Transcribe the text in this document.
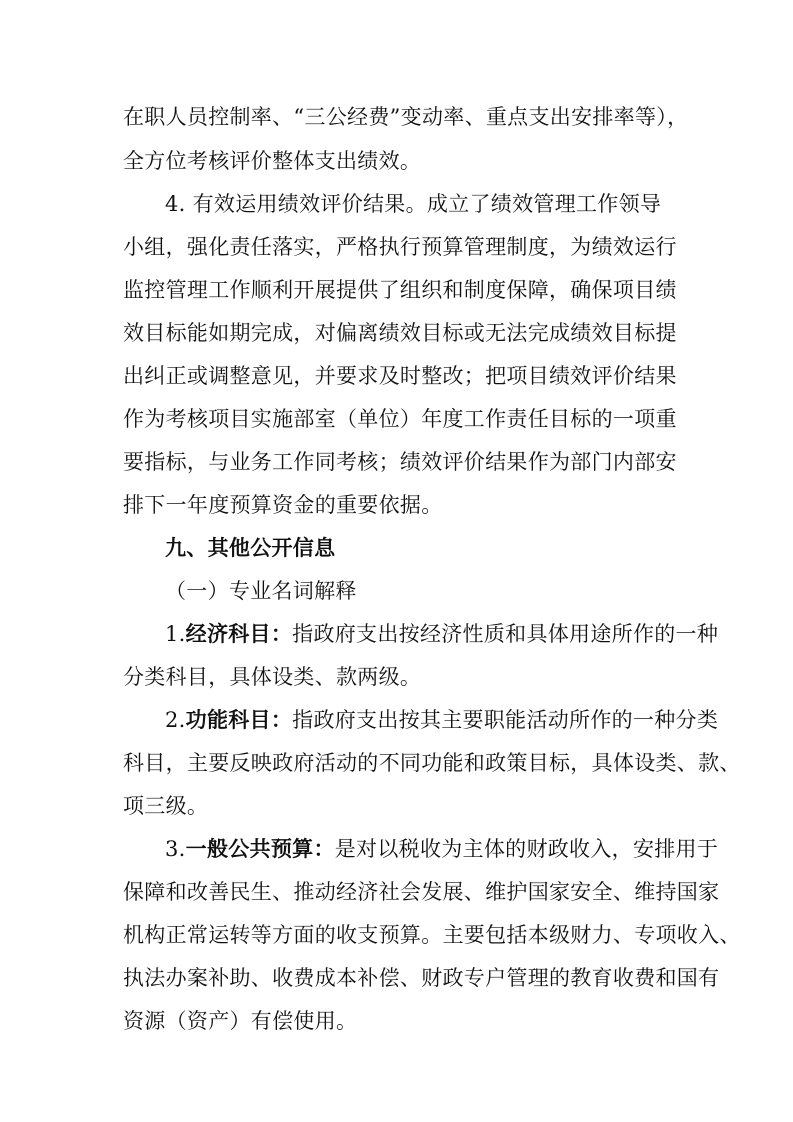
在职人员控制率、“三公经费”变动率、重点支出安排率等），
全方位考核评价整体支出绩效。
4. 有效运用绩效评价结果。成立了绩效管理工作领导
小组，强化责任落实，严格执行预算管理制度，为绩效运行
监控管理工作顺利开展提供了组织和制度保障，确保项目绩
效目标能如期完成，对偏离绩效目标或无法完成绩效目标提
出纠正或调整意见，并要求及时整改；把项目绩效评价结果
作为考核项目实施部室（单位）年度工作责任目标的一项重
要指标，与业务工作同考核；绩效评价结果作为部门内部安
排下一年度预算资金的重要依据。
九、其他公开信息
（一）专业名词解释
1.经济科目：指政府支出按经济性质和具体用途所作的一种
分类科目，具体设类、款两级。
2.功能科目：指政府支出按其主要职能活动所作的一种分类
科目，主要反映政府活动的不同功能和政策目标，具体设类、款、
项三级。
3.一般公共预算：是对以税收为主体的财政收入，安排用于
保障和改善民生、推动经济社会发展、维护国家安全、维持国家
机构正常运转等方面的收支预算。主要包括本级财力、专项收入、
执法办案补助、收费成本补偿、财政专户管理的教育收费和国有
资源（资产）有偿使用。
